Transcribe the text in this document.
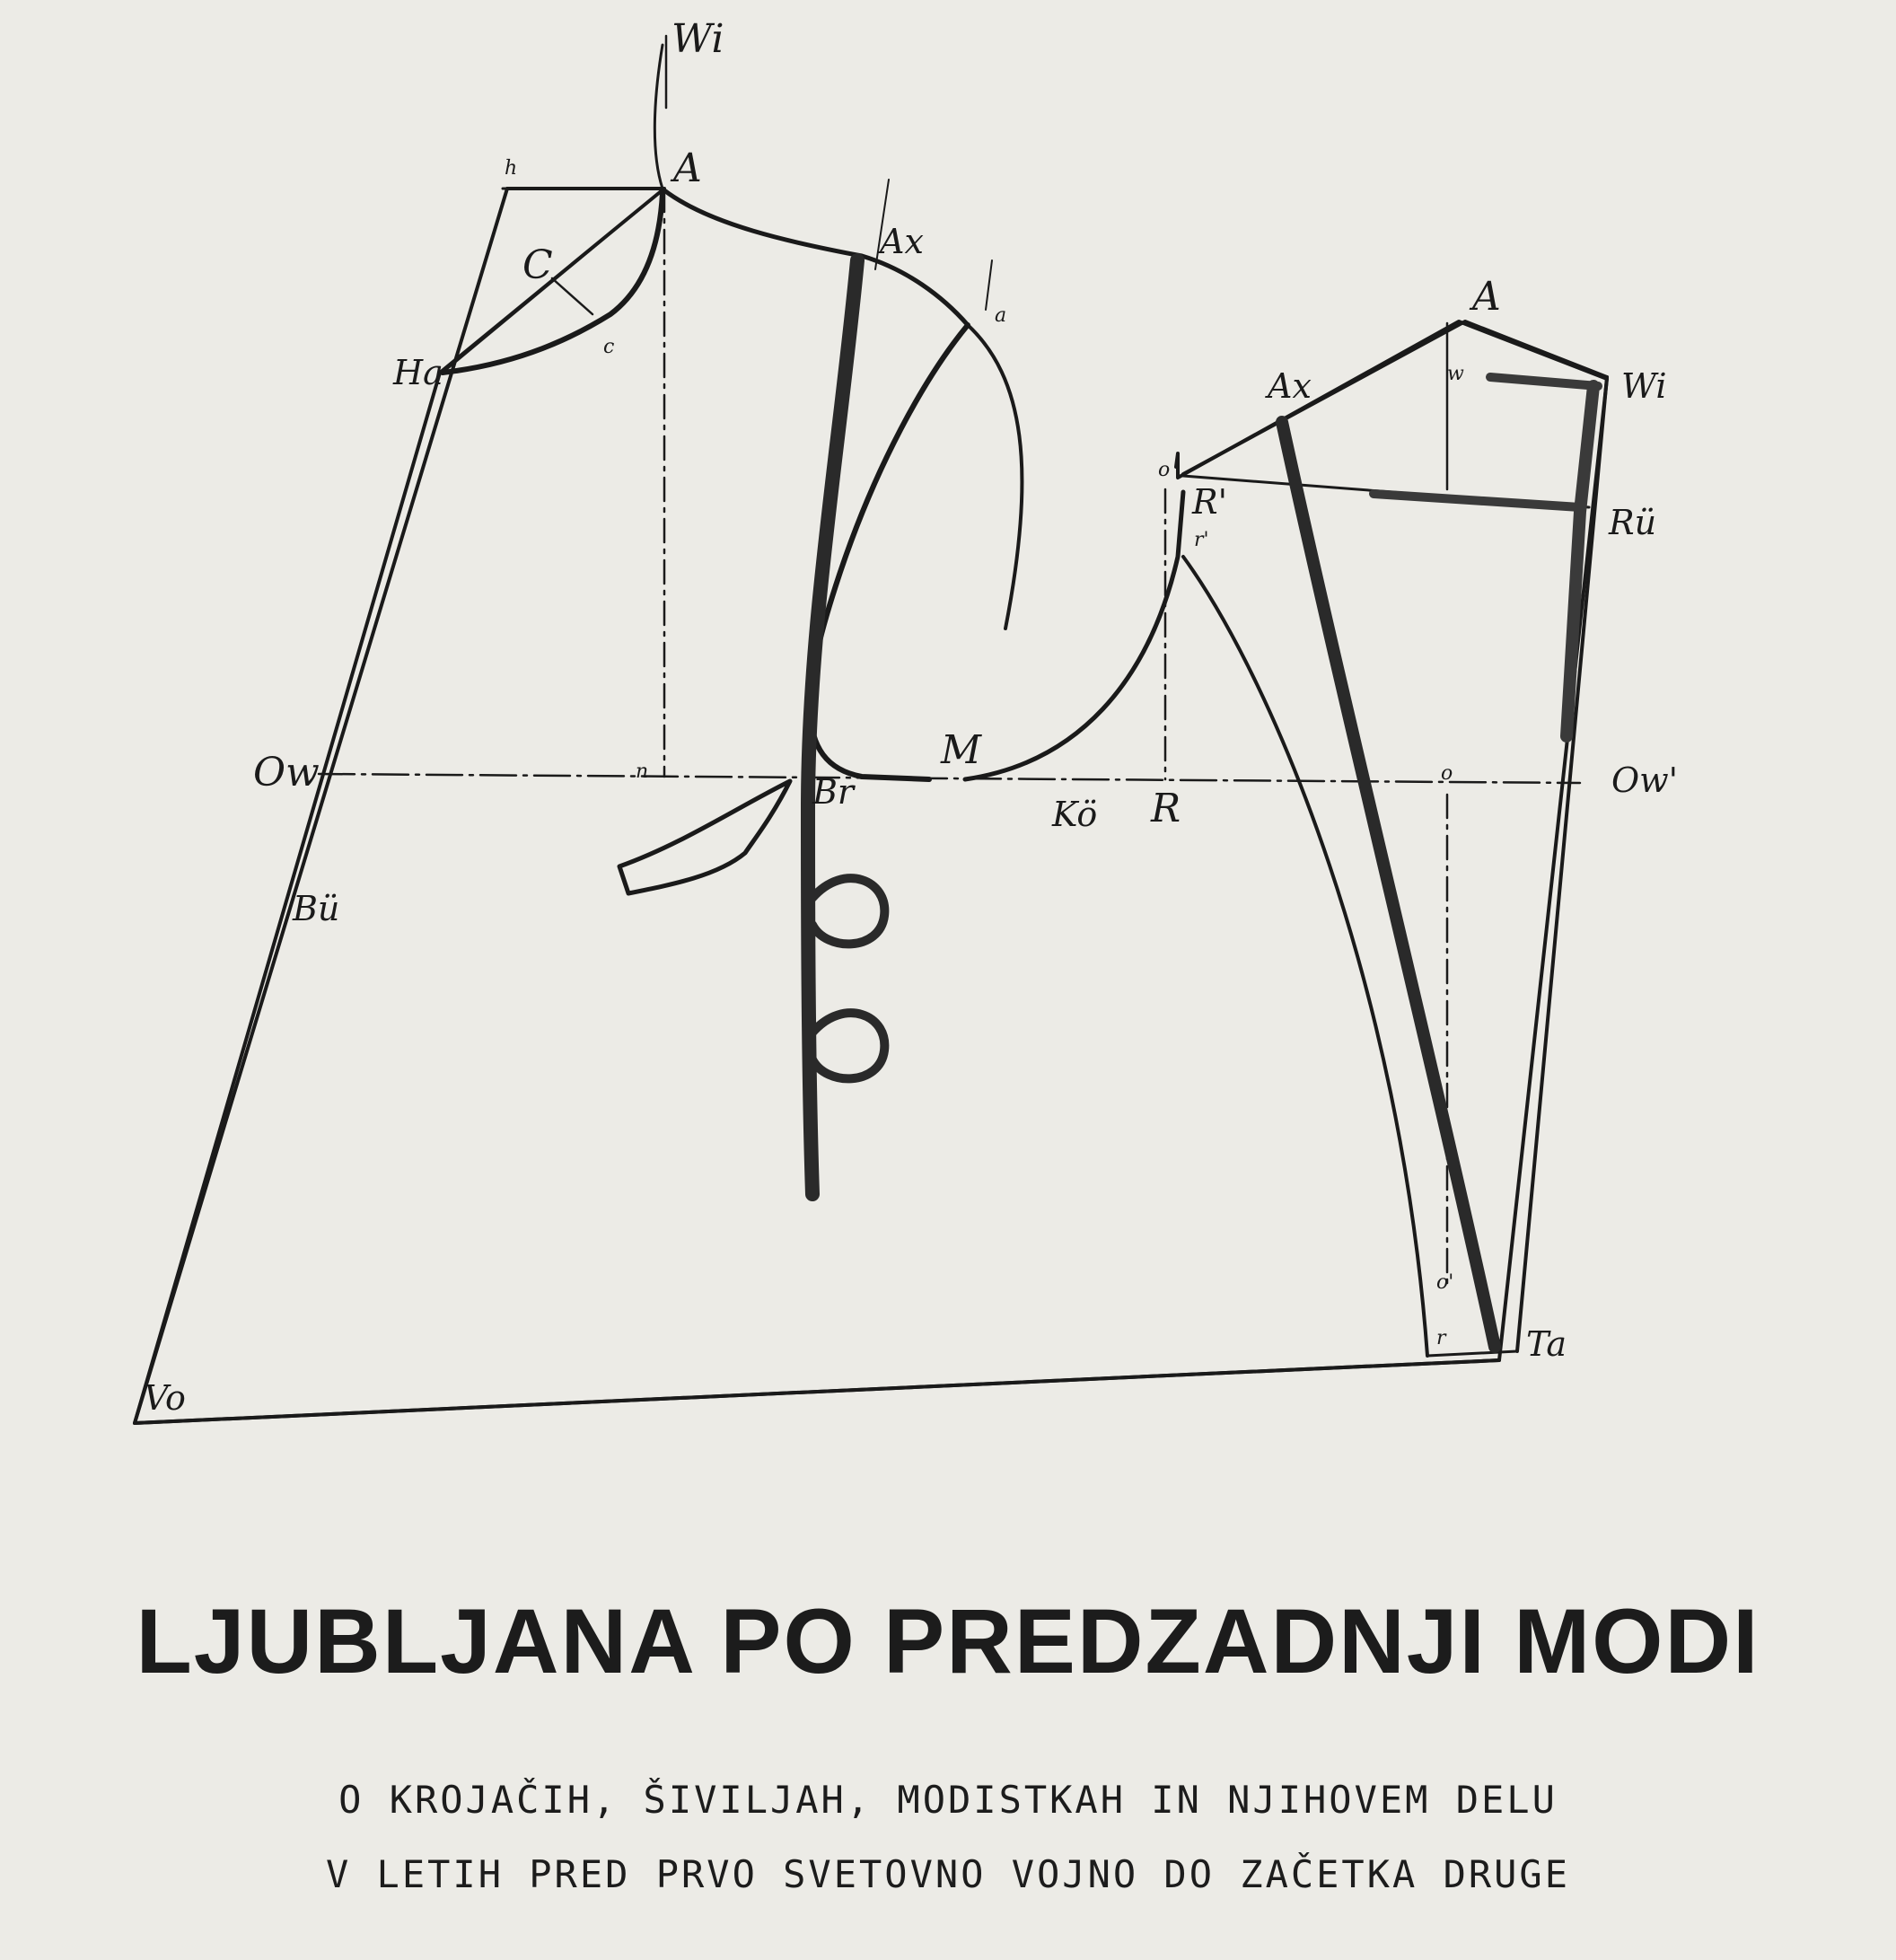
Wi
A
h
C
c
Ha
Ax
a	A
Ax	w	Wi
o
R'
r'	Rü
Ow	n
Br
M
Kö R
o	Ow'
Bü
o'
r Ta
Vo
LJUBLJANA PO PREDZADNJI MODI

O KROJAČIH, ŠIVILJAH, MODISTKAH IN NJIHOVEM DELU

V LETIH PRED PRVO SVETOVNO VOJNO DO ZAČETKA DRUGE
